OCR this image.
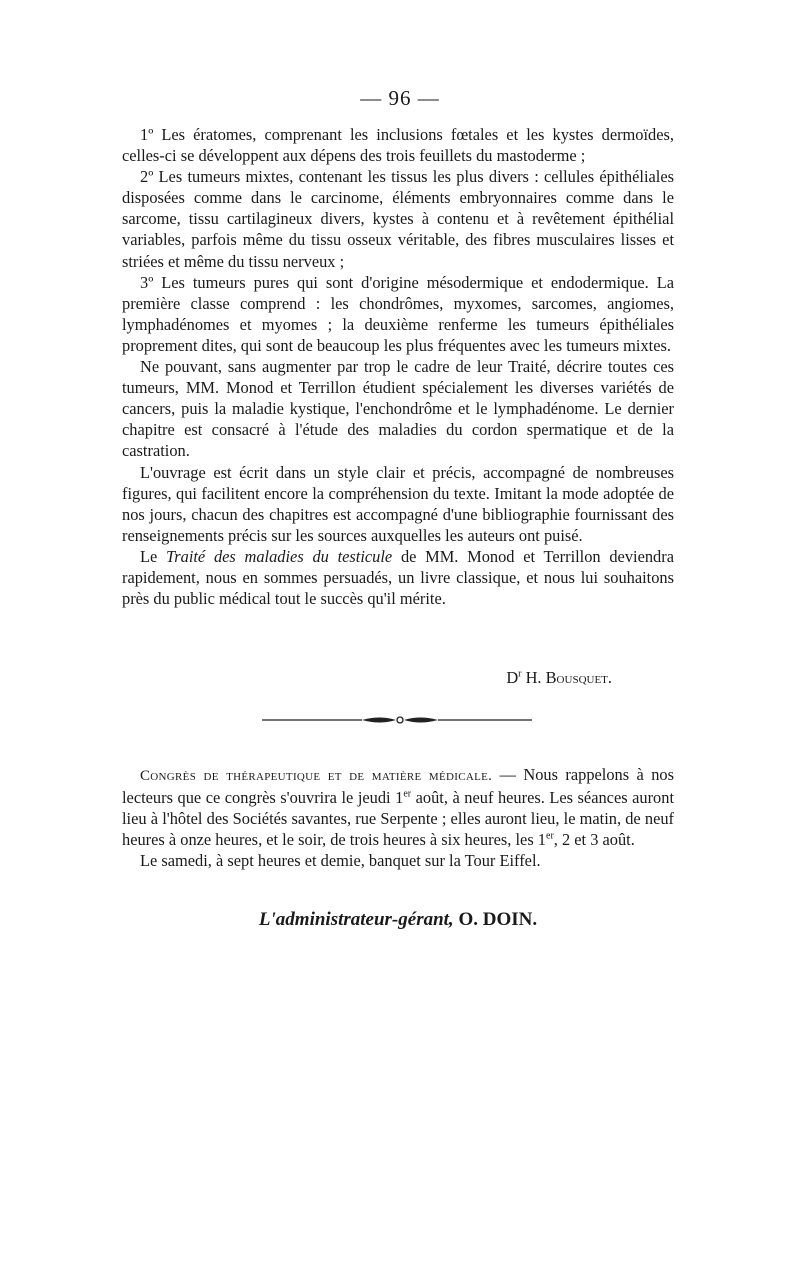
— 96 —

1º Les ératomes, comprenant les inclusions fœtales et les kystes dermoïdes, celles-ci se développent aux dépens des trois feuillets du mastoderme ;

2º Les tumeurs mixtes, contenant les tissus les plus divers : cellules épithéliales disposées comme dans le carcinome, éléments embryonnaires comme dans le sarcome, tissu cartilagineux divers, kystes à contenu et à revêtement épithélial variables, parfois même du tissu osseux véritable, des fibres musculaires lisses et striées et même du tissu nerveux ;

3º Les tumeurs pures qui sont d'origine mésodermique et endodermique. La première classe comprend : les chondrômes, myxomes, sarcomes, angiomes, lymphadénomes et myomes ; la deuxième renferme les tumeurs épithéliales proprement dites, qui sont de beaucoup les plus fréquentes avec les tumeurs mixtes.

Ne pouvant, sans augmenter par trop le cadre de leur Traité, décrire toutes ces tumeurs, MM. Monod et Terrillon étudient spécialement les diverses variétés de cancers, puis la maladie kystique, l'enchondrôme et le lymphadénome. Le dernier chapitre est consacré à l'étude des maladies du cordon spermatique et de la castration.

L'ouvrage est écrit dans un style clair et précis, accompagné de nombreuses figures, qui facilitent encore la compréhension du texte. Imitant la mode adoptée de nos jours, chacun des chapitres est accompagné d'une bibliographie fournissant des renseignements précis sur les sources auxquelles les auteurs ont puisé.

Le Traité des maladies du testicule de MM. Monod et Terrillon deviendra rapidement, nous en sommes persuadés, un livre classique, et nous lui souhaitons près du public médical tout le succès qu'il mérite.

$D^r$ H. Bousquet.

Congrès de thérapeutique et de matière médicale. — Nous rappelons à nos lecteurs que ce congrès s'ouvrira le jeudi 1er août, à neuf heures. Les séances auront lieu à l'hôtel des Sociétés savantes, rue Serpente ; elles auront lieu, le matin, de neuf heures à onze heures, et le soir, de trois heures à six heures, les 1er, 2 et 3 août.

Le samedi, à sept heures et demie, banquet sur la Tour Eiffel.

L'administrateur-gérant, O. DOIN.
